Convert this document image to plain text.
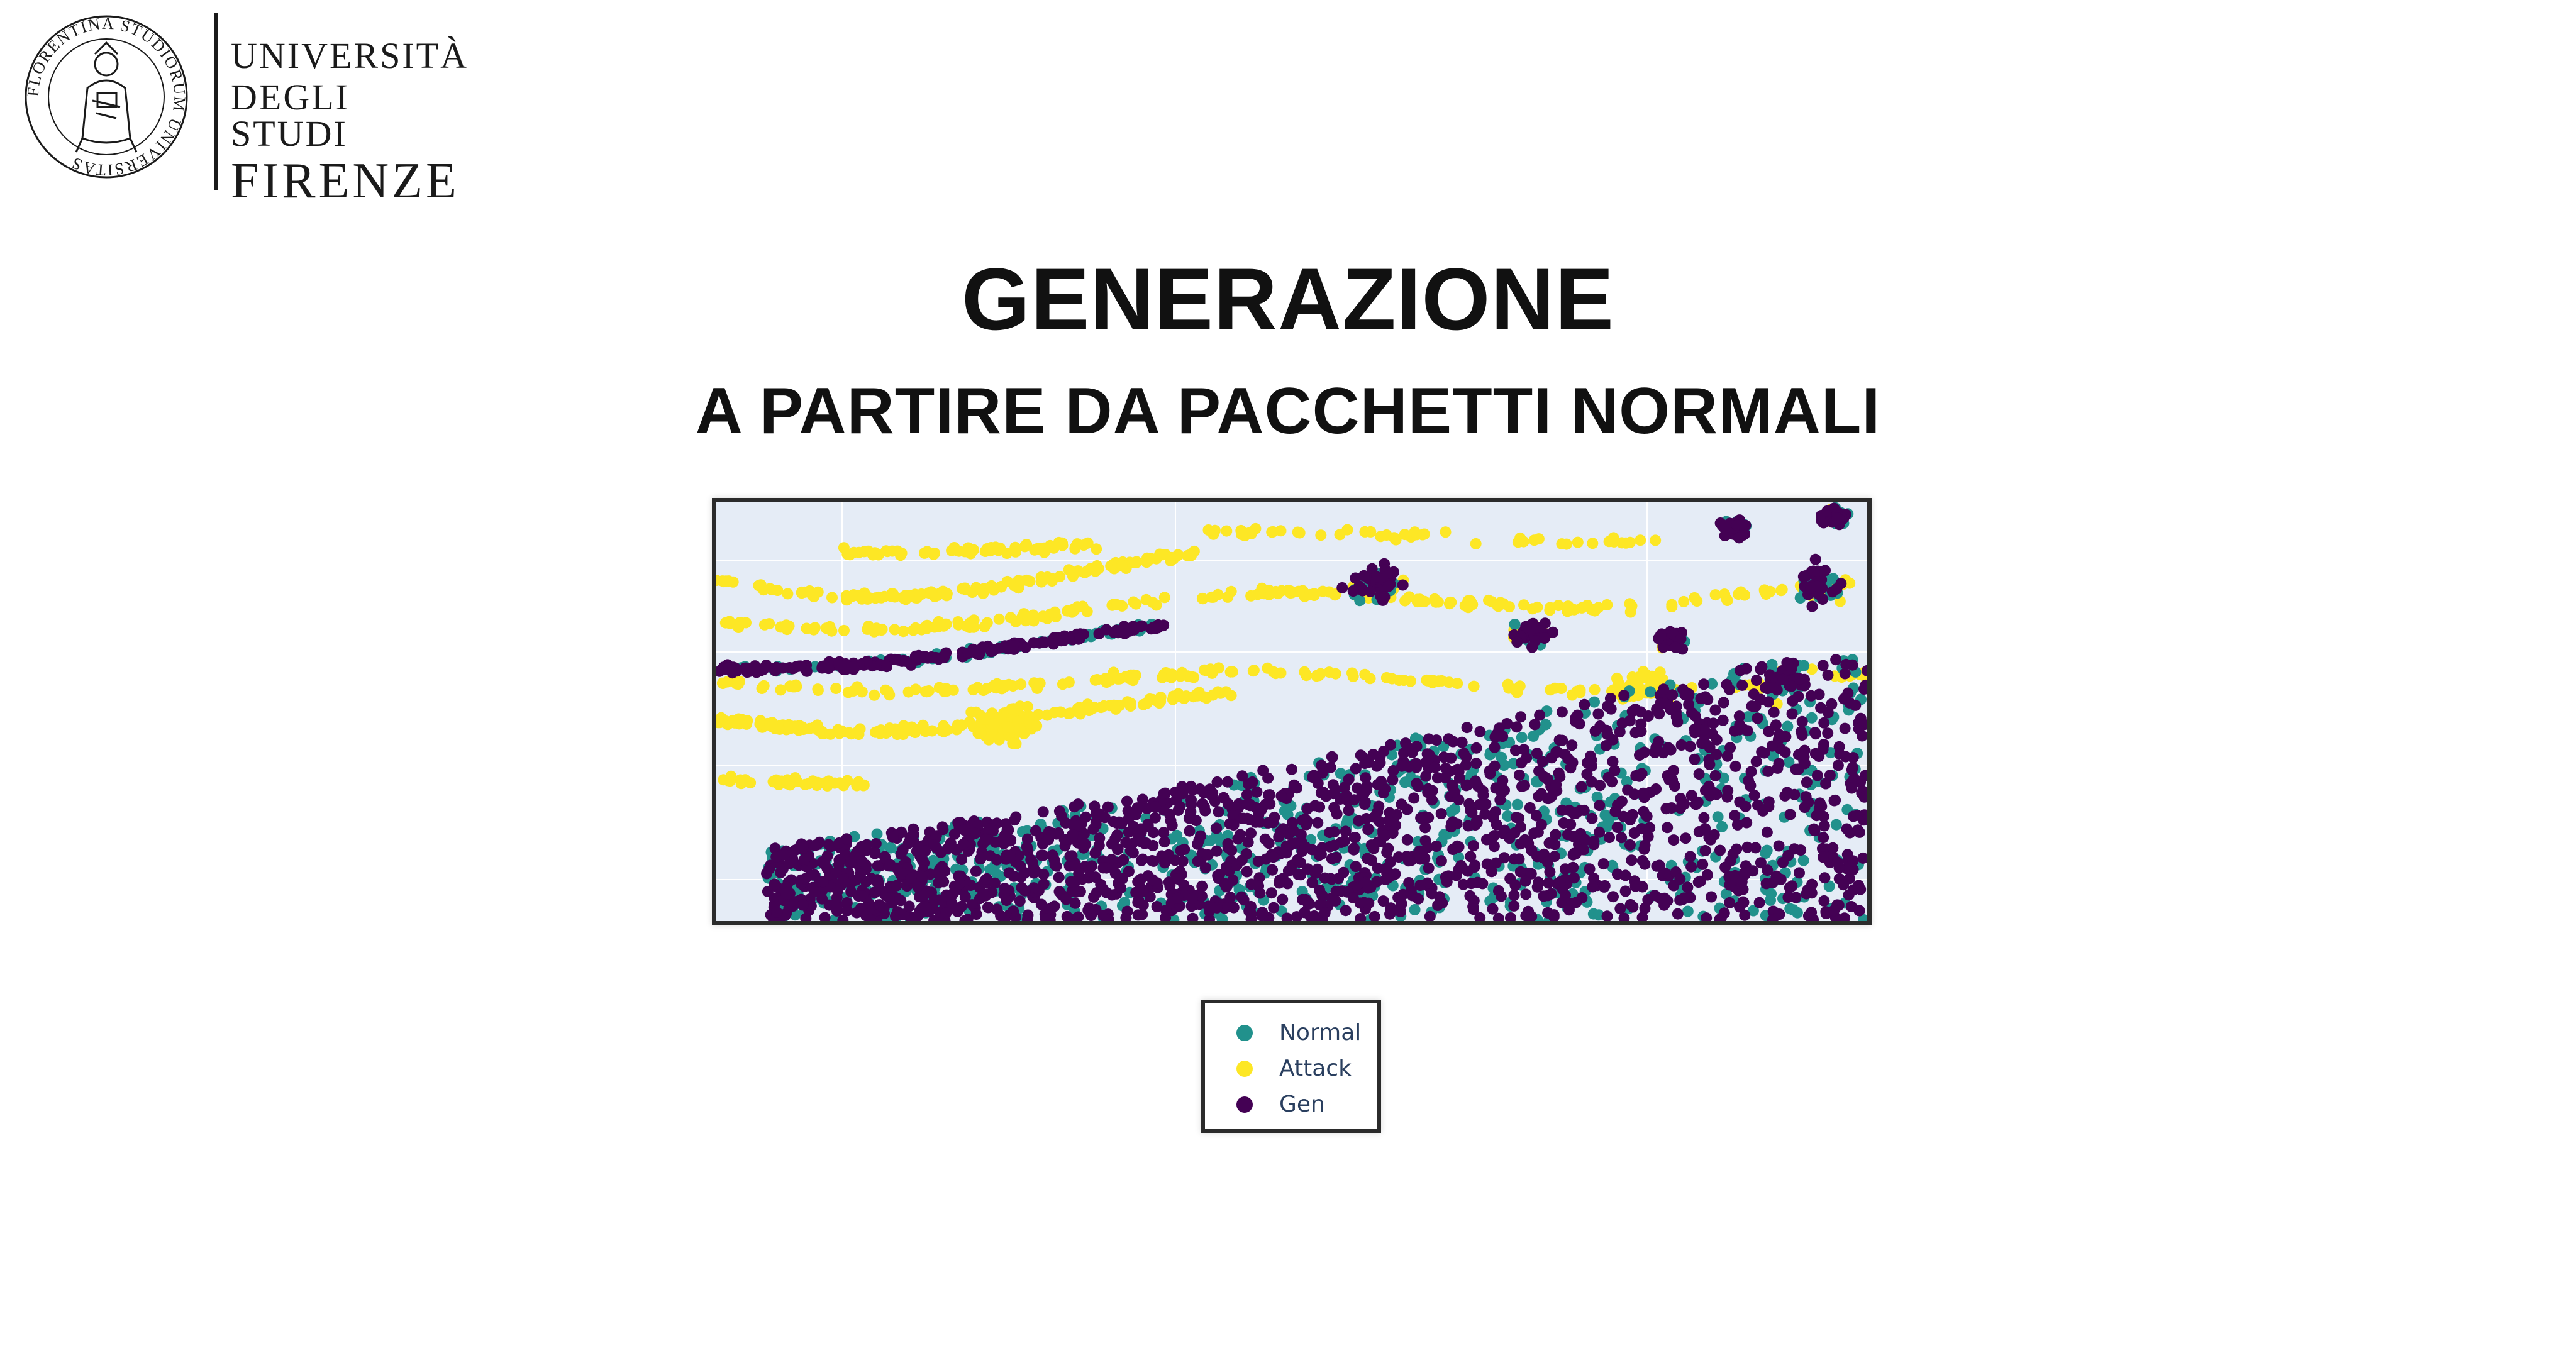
FLORENTINA STUDIORUM UNIVERSITAS
UNIVERSITÀ
DEGLI STUDI
FIRENZE
GENERAZIONE
A PARTIRE DA PACCHETTI NORMALI
Normal
Attack
Gen
